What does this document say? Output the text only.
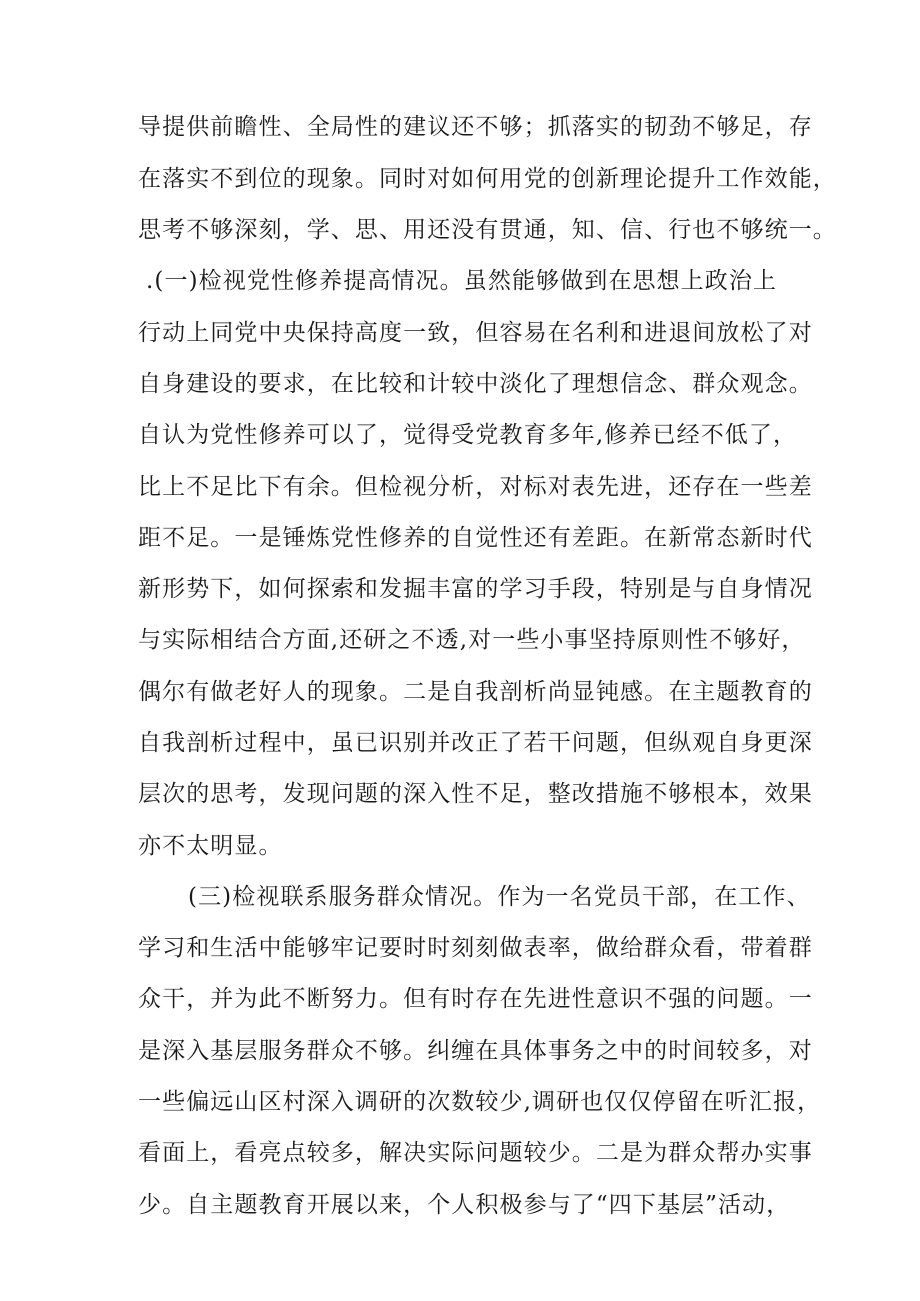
导提供前瞻性、全局性的建议还不够；抓落实的韧劲不够足，存
在落实不到位的现象。同时对如何用党的创新理论提升工作效能，
思考不够深刻，学、思、用还没有贯通，知、信、行也不够统一。
.(一)检视党性修养提高情况。虽然能够做到在思想上政治上
行动上同党中央保持高度一致，但容易在名利和进退间放松了对
自身建设的要求，在比较和计较中淡化了理想信念、群众观念。
自认为党性修养可以了，觉得受党教育多年,修养已经不低了，
比上不足比下有余。但检视分析，对标对表先进，还存在一些差
距不足。一是锤炼党性修养的自觉性还有差距。在新常态新时代
新形势下，如何探索和发掘丰富的学习手段，特别是与自身情况
与实际相结合方面,还研之不透,对一些小事坚持原则性不够好，
偶尔有做老好人的现象。二是自我剖析尚显钝感。在主题教育的
自我剖析过程中，虽已识别并改正了若干问题，但纵观自身更深
层次的思考，发现问题的深入性不足，整改措施不够根本，效果
亦不太明显。
(三)检视联系服务群众情况。作为一名党员干部，在工作、
学习和生活中能够牢记要时时刻刻做表率，做给群众看，带着群
众干，并为此不断努力。但有时存在先进性意识不强的问题。一
是深入基层服务群众不够。纠缠在具体事务之中的时间较多，对
一些偏远山区村深入调研的次数较少,调研也仅仅停留在听汇报，
看面上，看亮点较多，解决实际问题较少。二是为群众帮办实事
少。自主题教育开展以来，个人积极参与了“四下基层”活动，
